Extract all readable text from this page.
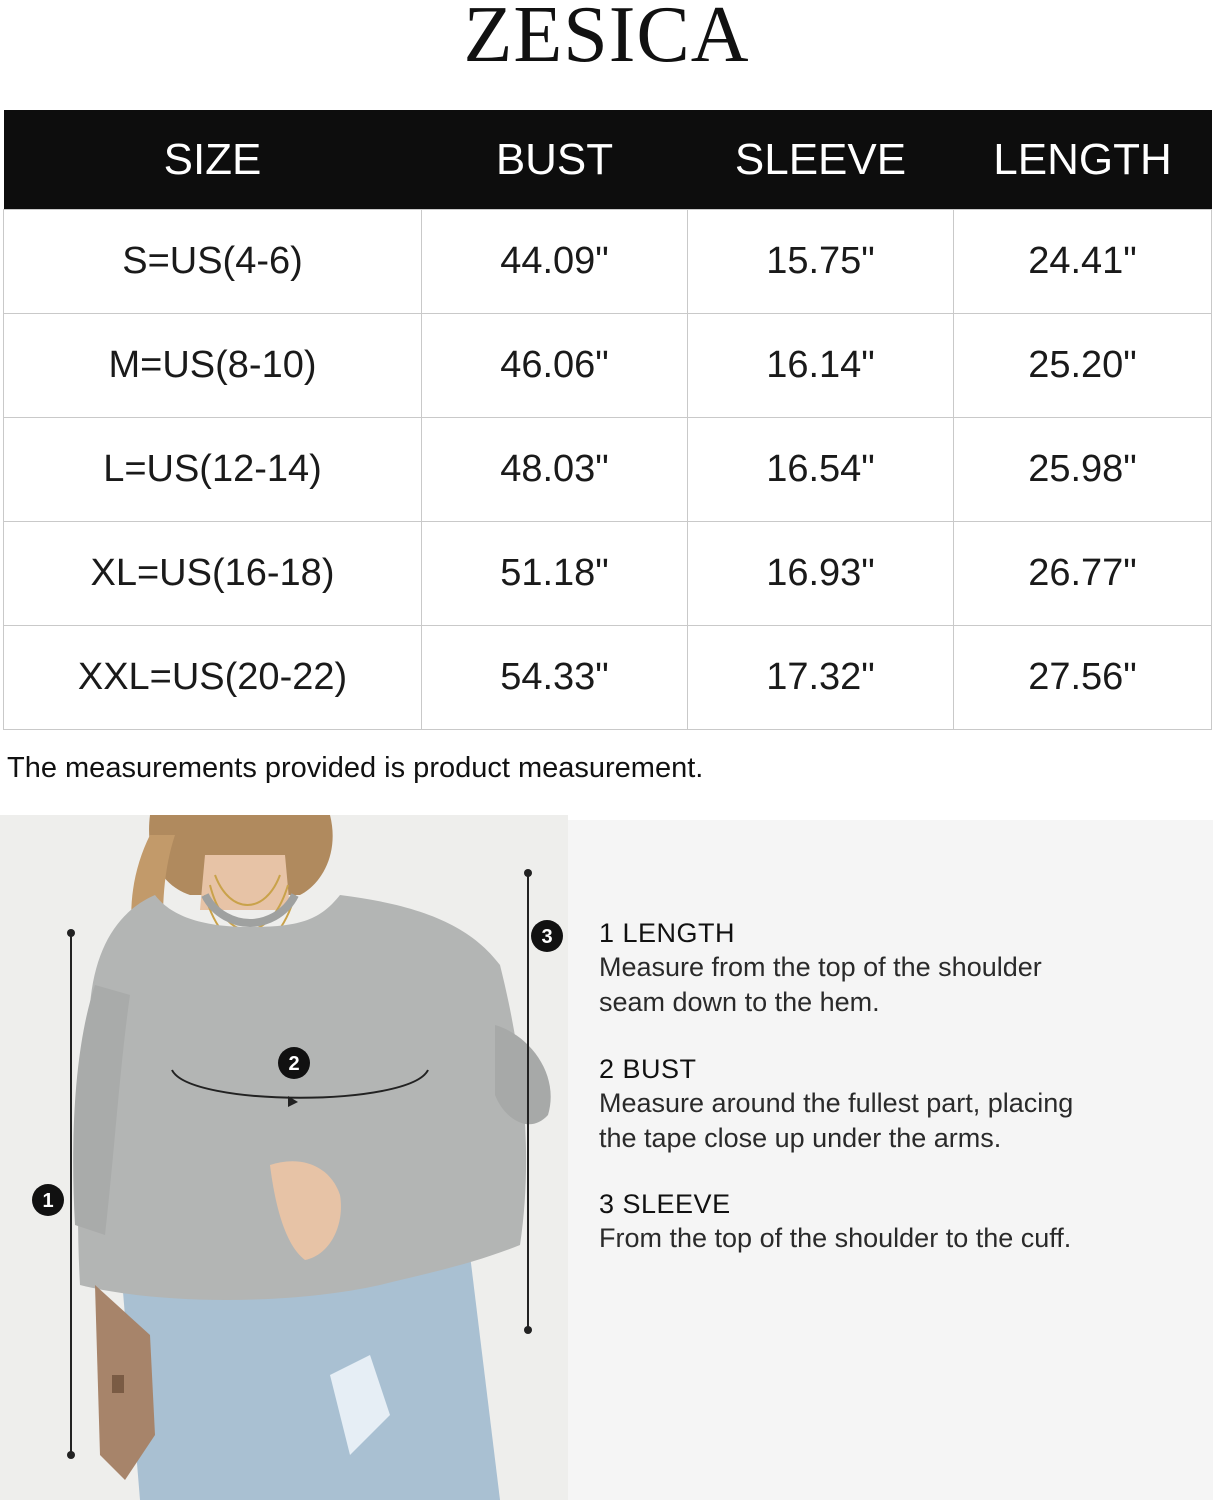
ZESICA
SIZE	BUST	SLEEVE	LENGTH
S=US(4-6)	44.09"	15.75"	24.41"
M=US(8-10)	46.06"	16.14"	25.20"
L=US(12-14)	48.03"	16.54"	25.98"
XL=US(16-18)	51.18"	16.93"	26.77"
XXL=US(20-22)	54.33"	17.32"	27.56"
The measurements provided is product measurement.
1
2
3 1 LENGTH
Measure from the top of the shoulder
seam down to the hem.
2 BUST
Measure around the fullest part, placing
the tape close up under the arms.
3 SLEEVE
From the top of the shoulder to the cuff.
